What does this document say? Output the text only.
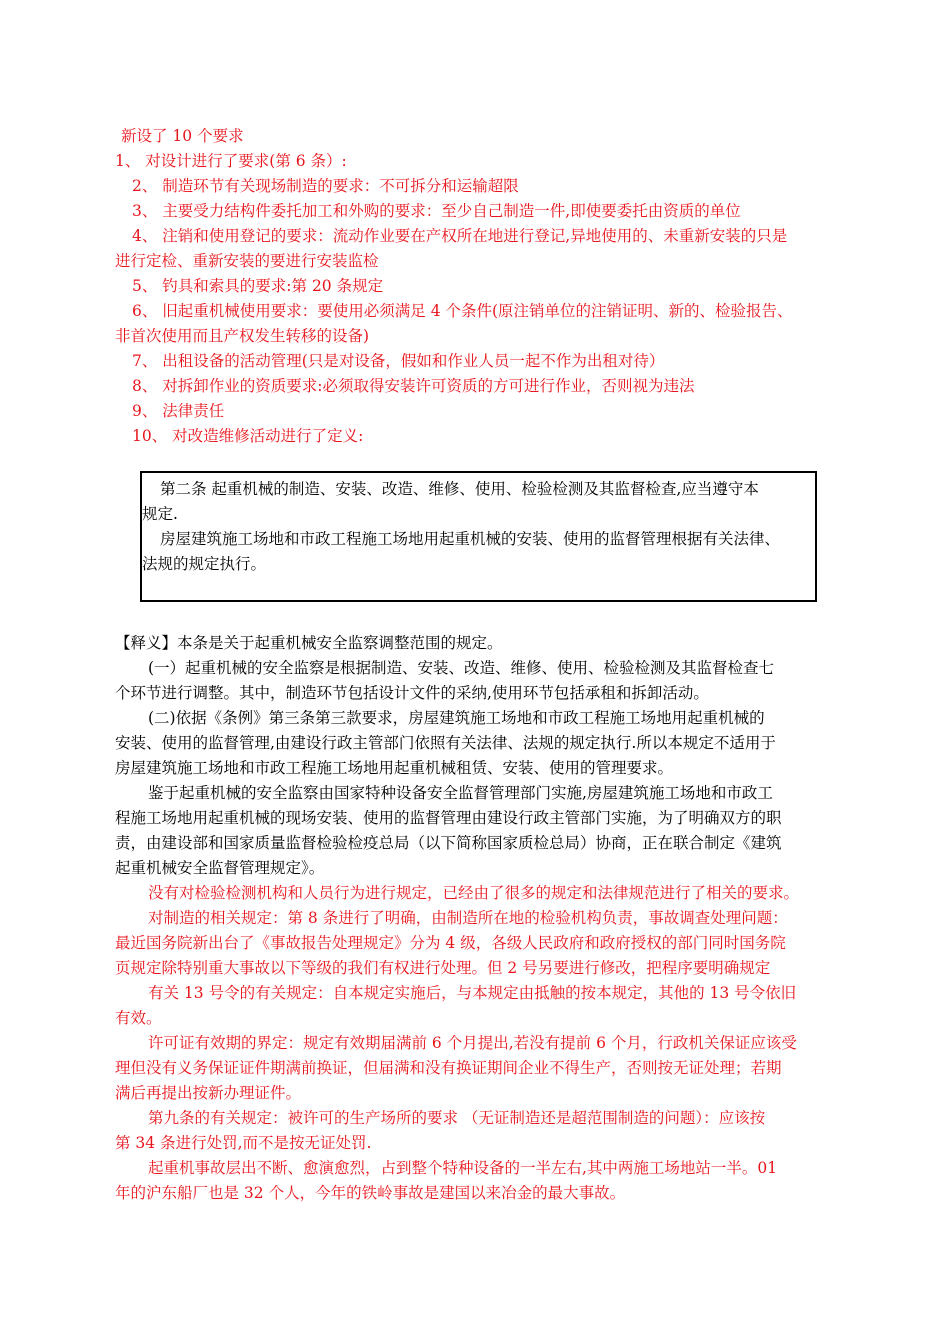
新设了 10 个要求
1、 对设计进行了要求(第 6 条）:
2、 制造环节有关现场制造的要求：不可拆分和运输超限
3、 主要受力结构件委托加工和外购的要求：至少自己制造一件,即使要委托由资质的单位
4、 注销和使用登记的要求：流动作业要在产权所在地进行登记,异地使用的、未重新安装的只是
进行定检、重新安装的要进行安装监检
5、 钓具和索具的要求:第 20 条规定
6、 旧起重机械使用要求：要使用必须满足 4 个条件(原注销单位的注销证明、新的、检验报告、
非首次使用而且产权发生转移的设备)
7、 出租设备的活动管理(只是对设备，假如和作业人员一起不作为出租对待）
8、 对拆卸作业的资质要求:必须取得安装许可资质的方可进行作业，否则视为违法
9、 法律责任
10、 对改造维修活动进行了定义:
第二条 起重机械的制造、安装、改造、维修、使用、检验检测及其监督检查,应当遵守本
规定.
房屋建筑施工场地和市政工程施工场地用起重机械的安装、使用的监督管理根据有关法律、
法规的规定执行。
【释义】本条是关于起重机械安全监察调整范围的规定。
(一）起重机械的安全监察是根据制造、安装、改造、维修、使用、检验检测及其监督检查七
个环节进行调整。其中，制造环节包括设计文件的采纳,使用环节包括承租和拆卸活动。
(二)依据《条例》第三条第三款要求，房屋建筑施工场地和市政工程施工场地用起重机械的
安装、使用的监督管理,由建设行政主管部门依照有关法律、法规的规定执行.所以本规定不适用于
房屋建筑施工场地和市政工程施工场地用起重机械租赁、安装、使用的管理要求。
鉴于起重机械的安全监察由国家特种设备安全监督管理部门实施,房屋建筑施工场地和市政工
程施工场地用起重机械的现场安装、使用的监督管理由建设行政主管部门实施，为了明确双方的职
责，由建设部和国家质量监督检验检疫总局（以下简称国家质检总局）协商，正在联合制定《建筑
起重机械安全监督管理规定》。
没有对检验检测机构和人员行为进行规定，已经由了很多的规定和法律规范进行了相关的要求。
对制造的相关规定：第 8 条进行了明确，由制造所在地的检验机构负责，事故调查处理问题：
最近国务院新出台了《事故报告处理规定》分为 4 级，各级人民政府和政府授权的部门同时国务院
页规定除特别重大事故以下等级的我们有权进行处理。但 2 号另要进行修改，把程序要明确规定
有关 13 号令的有关规定：自本规定实施后，与本规定由抵触的按本规定，其他的 13 号令依旧
有效。
许可证有效期的界定：规定有效期届满前 6 个月提出,若没有提前 6 个月，行政机关保证应该受
理但没有义务保证证件期满前换证，但届满和没有换证期间企业不得生产，否则按无证处理；若期
满后再提出按新办理证件。
第九条的有关规定：被许可的生产场所的要求 （无证制造还是超范围制造的问题）：应该按
第 34 条进行处罚,而不是按无证处罚.
起重机事故层出不断、愈演愈烈，占到整个特种设备的一半左右,其中两施工场地站一半。01
年的沪东船厂也是 32 个人，今年的铁岭事故是建国以来冶金的最大事故。
